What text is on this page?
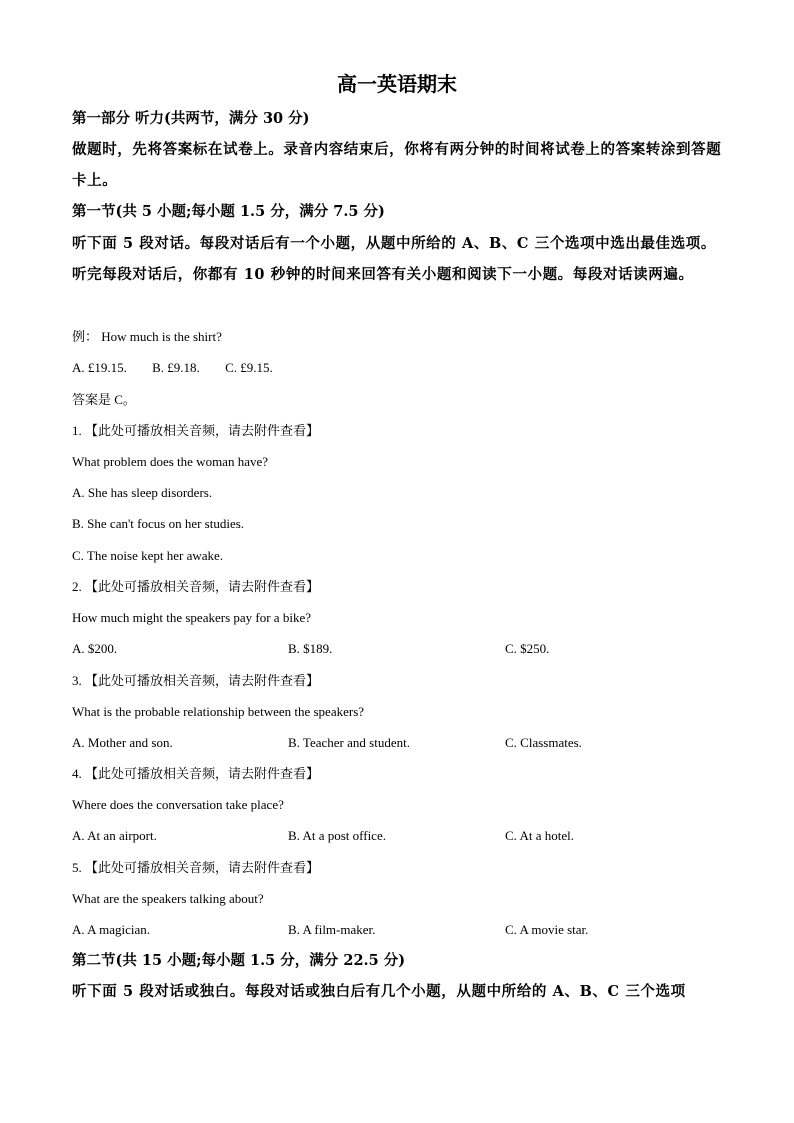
高一英语期末
第一部分 听力(共两节，满分 30 分)
做题时，先将答案标在试卷上。录音内容结束后，你将有两分钟的时间将试卷上的答案转涂到答题卡上。
第一节(共 5 小题;每小题 1.5 分，满分 7.5 分)
听下面 5 段对话。每段对话后有一个小题，从题中所给的 A、B、C 三个选项中选出最佳选项。听完每段对话后，你都有 10 秒钟的时间来回答有关小题和阅读下一小题。每段对话读两遍。
例： How much is the shirt?
A. £19.15. B. £9.18. C. £9.15.
答案是 C。
1. 【此处可播放相关音频，请去附件查看】
What problem does the woman have?
A. She has sleep disorders.
B. She can't focus on her studies.
C. The noise kept her awake.
2. 【此处可播放相关音频，请去附件查看】
How much might the speakers pay for a bike?
A. $200.	B. $189.	C. $250.
3. 【此处可播放相关音频，请去附件查看】
What is the probable relationship between the speakers?
A. Mother and son.	B. Teacher and student.	C. Classmates.
4. 【此处可播放相关音频，请去附件查看】
Where does the conversation take place?
A. At an airport.	B. At a post office.	C. At a hotel.
5. 【此处可播放相关音频，请去附件查看】
What are the speakers talking about?
A. A magician.	B. A film-maker.	C. A movie star.
第二节(共 15 小题;每小题 1.5 分，满分 22.5 分)
听下面 5 段对话或独白。每段对话或独白后有几个小题，从题中所给的 A、B、C 三个选项
